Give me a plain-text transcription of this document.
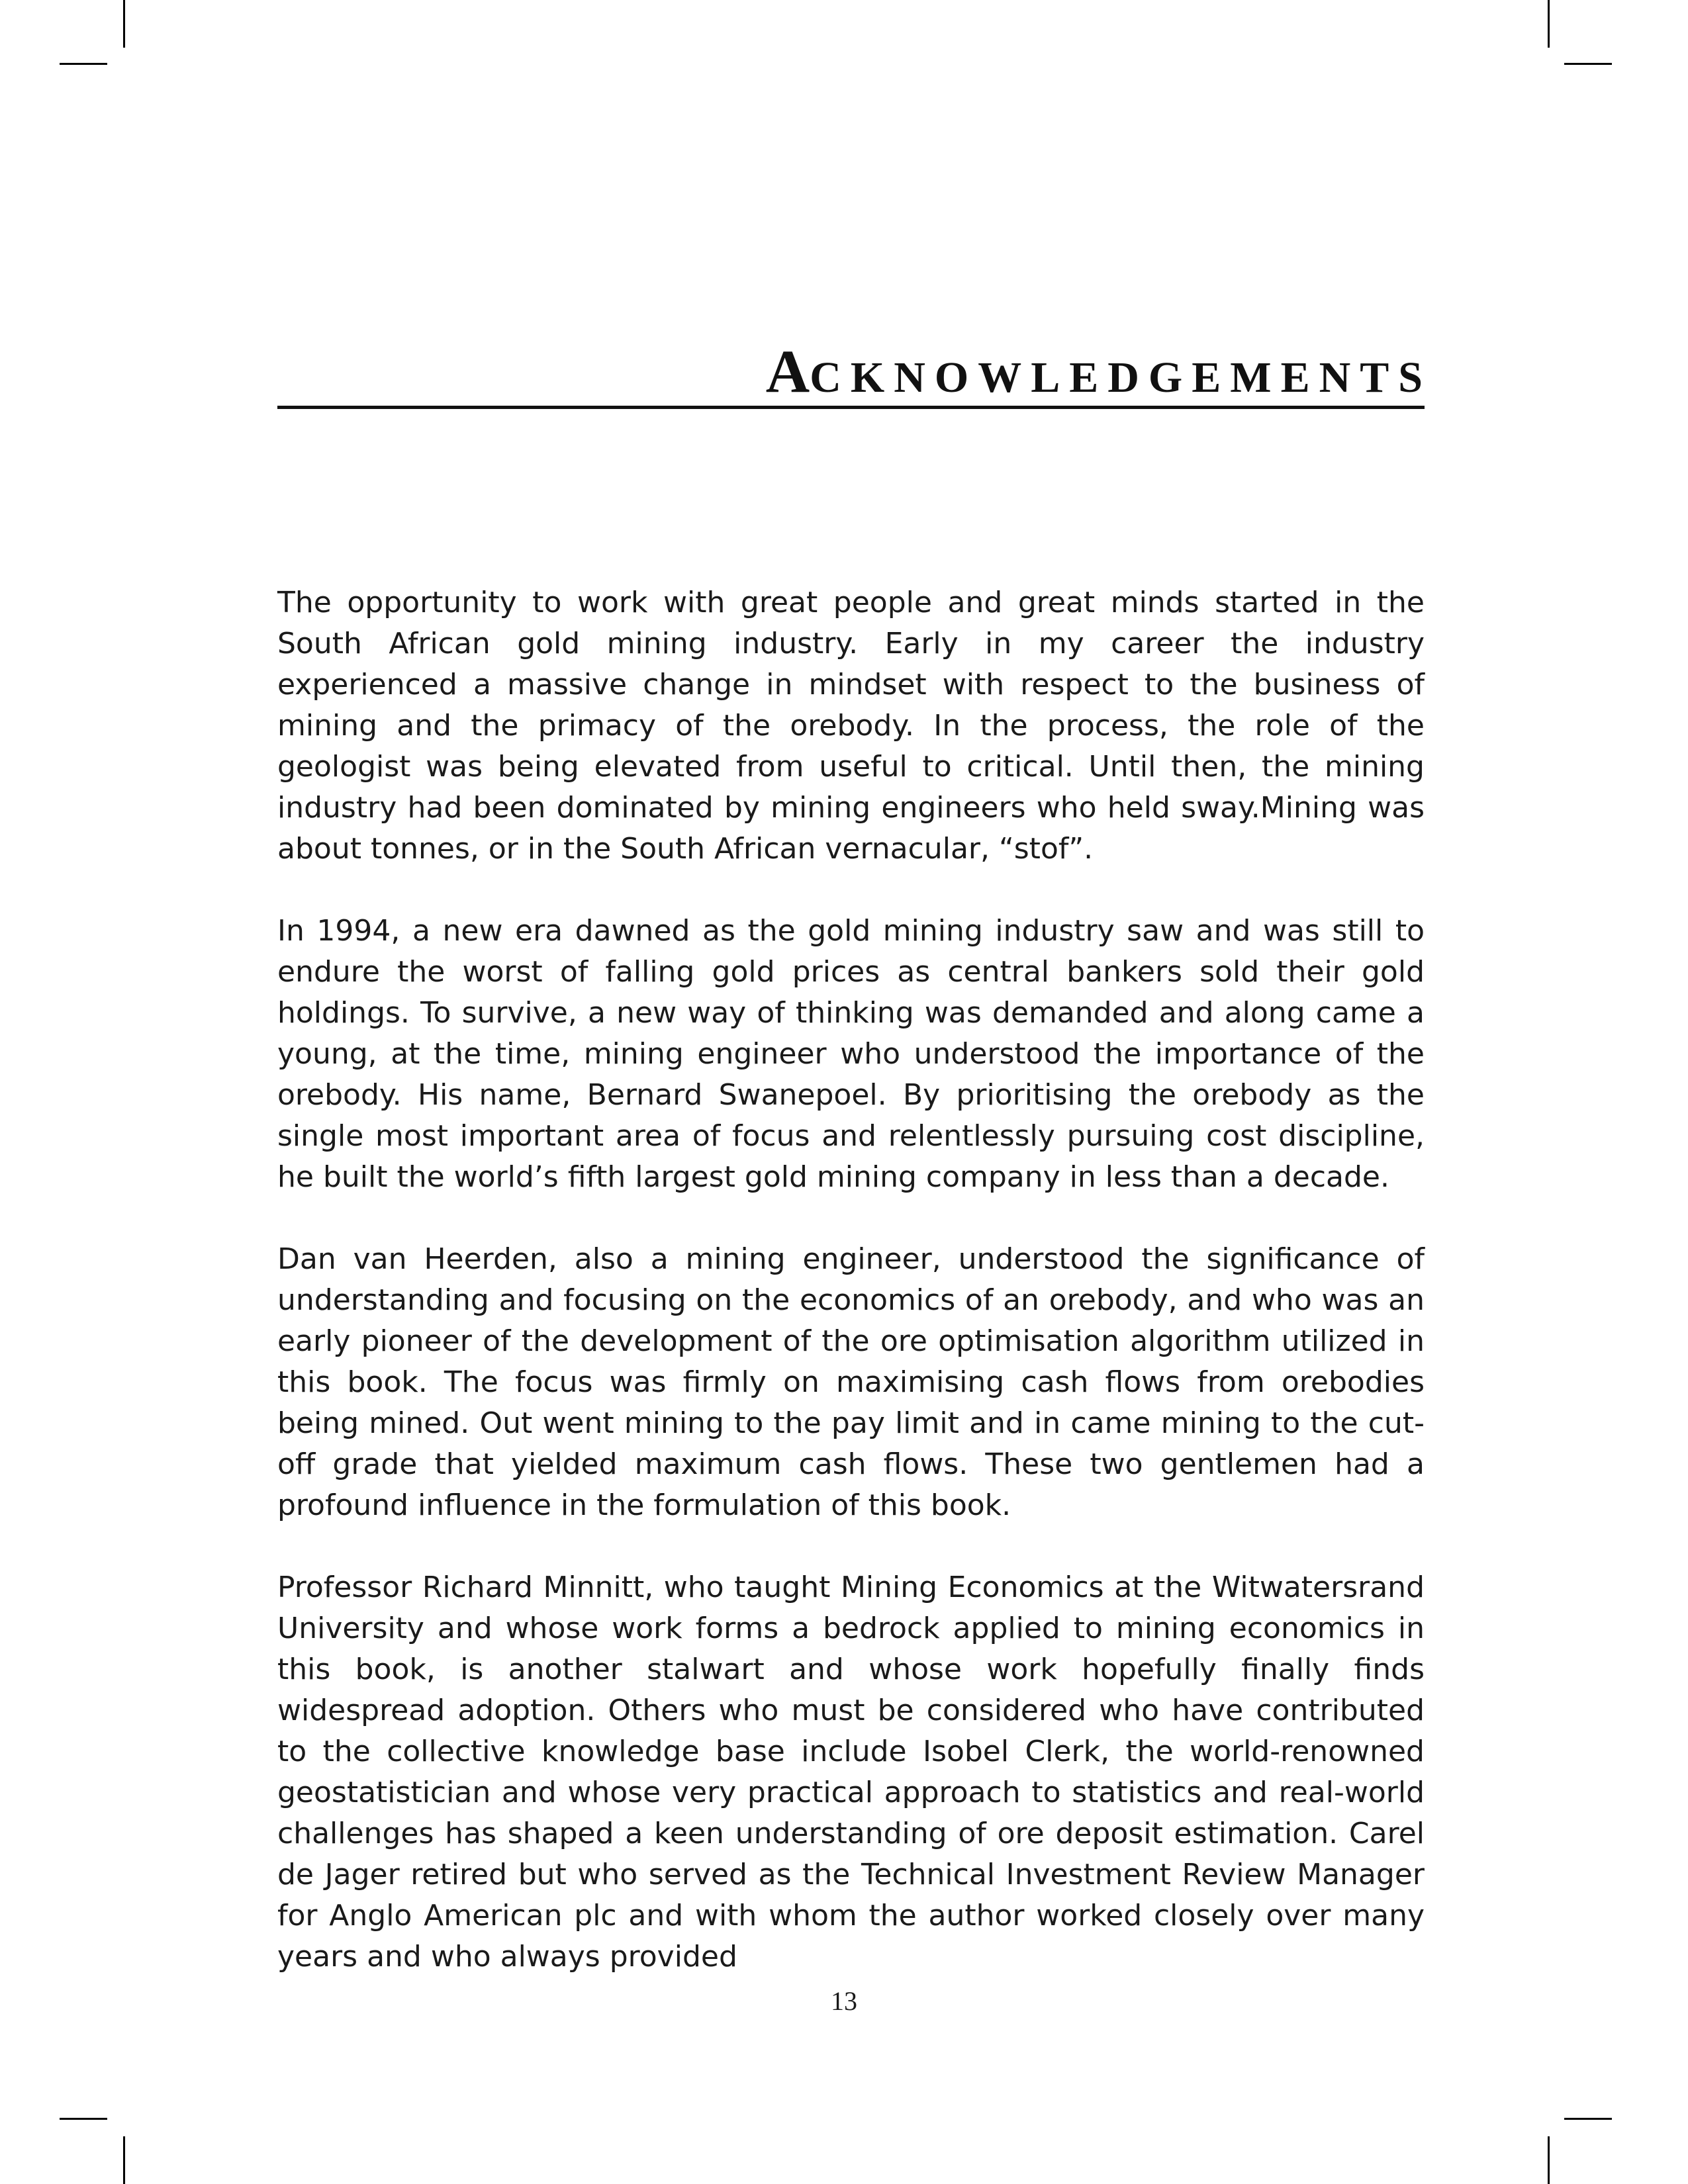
ACKNOWLEDGEMENTS

The opportunity to work with great people and great minds started in the South African gold mining industry. Early in my career the industry experienced a massive change in mindset with respect to the business of mining and the primacy of the orebody. In the process, the role of the geologist was being elevated from useful to critical. Until then, the mining industry had been dominated by mining engineers who held sway.Mining was about tonnes, or in the South African vernacular, “stof”.

In 1994, a new era dawned as the gold mining industry saw and was still to endure the worst of falling gold prices as central bankers sold their gold holdings. To survive, a new way of thinking was demanded and along came a young, at the time, mining engineer who understood the importance of the orebody. His name, Bernard Swanepoel. By prioritising the orebody as the single most important area of focus and relentlessly pursuing cost discipline, he built the world’s fifth largest gold mining company in less than a decade.

Dan van Heerden, also a mining engineer, understood the significance of understanding and focusing on the economics of an orebody, and who was an early pioneer of the development of the ore optimisation algorithm utilized in this book. The focus was firmly on maximising cash flows from orebodies being mined. Out went mining to the pay limit and in came mining to the cut-off grade that yielded maximum cash flows. These two gentlemen had a profound influence in the formulation of this book.

Professor Richard Minnitt, who taught Mining Economics at the Witwatersrand University and whose work forms a bedrock applied to mining economics in this book, is another stalwart and whose work hopefully finally finds widespread adoption. Others who must be considered who have contributed to the collective knowledge base include Isobel Clerk, the world-renowned geostatistician and whose very practical approach to statistics and real-world challenges has shaped a keen understanding of ore deposit estimation. Carel de Jager retired but who served as the Technical Investment Review Manager for Anglo American plc and with whom the author worked closely over many years and who always provided

13
